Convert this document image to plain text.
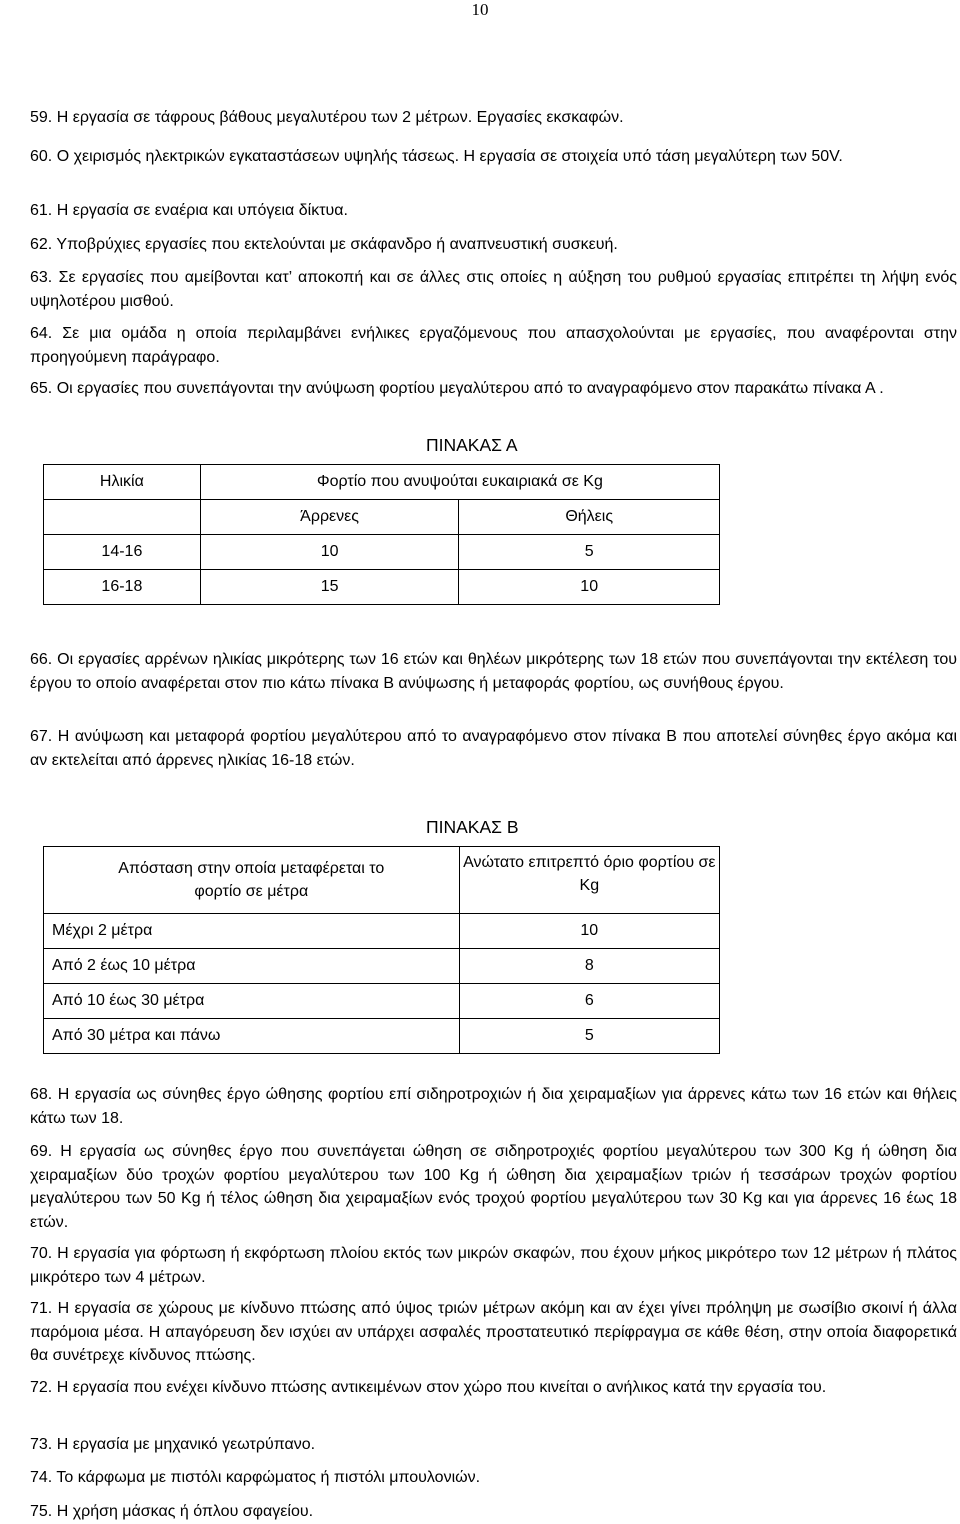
10

59. Η εργασία σε τάφρους βάθους μεγαλυτέρου των 2 μέτρων. Εργασίες εκσκαφών.

60. Ο χειρισμός ηλεκτρικών εγκαταστάσεων υψηλής τάσεως. Η εργασία σε στοιχεία υπό τάση μεγαλύτερη των 50V.

61. Η εργασία σε εναέρια και υπόγεια δίκτυα.

62. Υποβρύχιες εργασίες που εκτελούνται με σκάφανδρο ή αναπνευστική συσκευή.

63. Σε εργασίες που αμείβονται κατ’ αποκοπή και σε άλλες στις οποίες η αύξηση του ρυθμού εργασίας επιτρέπει τη λήψη ενός υψηλοτέρου μισθού.

64. Σε μια ομάδα η οποία περιλαμβάνει ενήλικες εργαζόμενους που απασχολούνται με εργασίες, που αναφέρονται στην προηγούμενη παράγραφο.

65. Οι εργασίες που συνεπάγονται την ανύψωση φορτίου μεγαλύτερου από το αναγραφόμενο στον παρακάτω πίνακα Α .

ΠΙΝΑΚΑΣ Α
Ηλικία	Φορτίο που ανυψούται ευκαιριακά σε Kg	
	Άρρενες	Θήλεις
14-16	10	5
16-18	15	10

66. Οι εργασίες αρρένων ηλικίας μικρότερης των 16 ετών και θηλέων μικρότερης των 18 ετών που συνεπάγονται την εκτέλεση του έργου το οποίο αναφέρεται στον πιο κάτω πίνακα Β ανύψωσης ή μεταφοράς φορτίου, ως συνήθους έργου.

67. Η ανύψωση και μεταφορά φορτίου μεγαλύτερου από το αναγραφόμενο στον πίνακα Β που αποτελεί σύνηθες έργο ακόμα και αν εκτελείται από άρρενες ηλικίας 16-18 ετών.

ΠΙΝΑΚΑΣ Β
Απόσταση στην οποία μεταφέρεται το φορτίο σε μέτρα	Ανώτατο επιτρεπτό όριο φορτίου σε Kg
Μέχρι 2 μέτρα	10
Από 2 έως 10 μέτρα	8
Από 10 έως 30 μέτρα	6
Από 30 μέτρα και πάνω	5

68. Η εργασία ως σύνηθες έργο ώθησης φορτίου επί σιδηροτροχιών ή δια χειραμαξίων για άρρενες κάτω των 16 ετών και θήλεις κάτω των 18.

69. Η εργασία ως σύνηθες έργο που συνεπάγεται ώθηση σε σιδηροτροχιές φορτίου μεγαλύτερου των 300 Kg ή ώθηση δια χειραμαξίων δύο τροχών φορτίου μεγαλύτερου των 100 Kg ή ώθηση δια χειραμαξίων τριών ή τεσσάρων τροχών φορτίου μεγαλύτερου των 50 Kg ή τέλος ώθηση δια χειραμαξίων ενός τροχού φορτίου μεγαλύτερου των 30 Kg και για άρρενες 16 έως 18 ετών.

70. Η εργασία για φόρτωση ή εκφόρτωση πλοίου εκτός των μικρών σκαφών, που έχουν μήκος μικρότερο των 12 μέτρων ή πλάτος μικρότερο των 4 μέτρων.

71. Η εργασία σε χώρους με κίνδυνο πτώσης από ύψος τριών μέτρων ακόμη και αν έχει γίνει πρόληψη με σωσίβιο σκοινί ή άλλα παρόμοια μέσα. Η απαγόρευση δεν ισχύει αν υπάρχει ασφαλές προστατευτικό περίφραγμα σε κάθε θέση, στην οποία διαφορετικά θα συνέτρεχε κίνδυνος πτώσης.

72. Η εργασία που ενέχει κίνδυνο πτώσης αντικειμένων στον χώρο που κινείται ο ανήλικος κατά την εργασία του.

73. Η εργασία με μηχανικό γεωτρύπανο.

74. Το κάρφωμα με πιστόλι καρφώματος ή πιστόλι μπουλονιών.

75. Η χρήση μάσκας ή όπλου σφαγείου.
